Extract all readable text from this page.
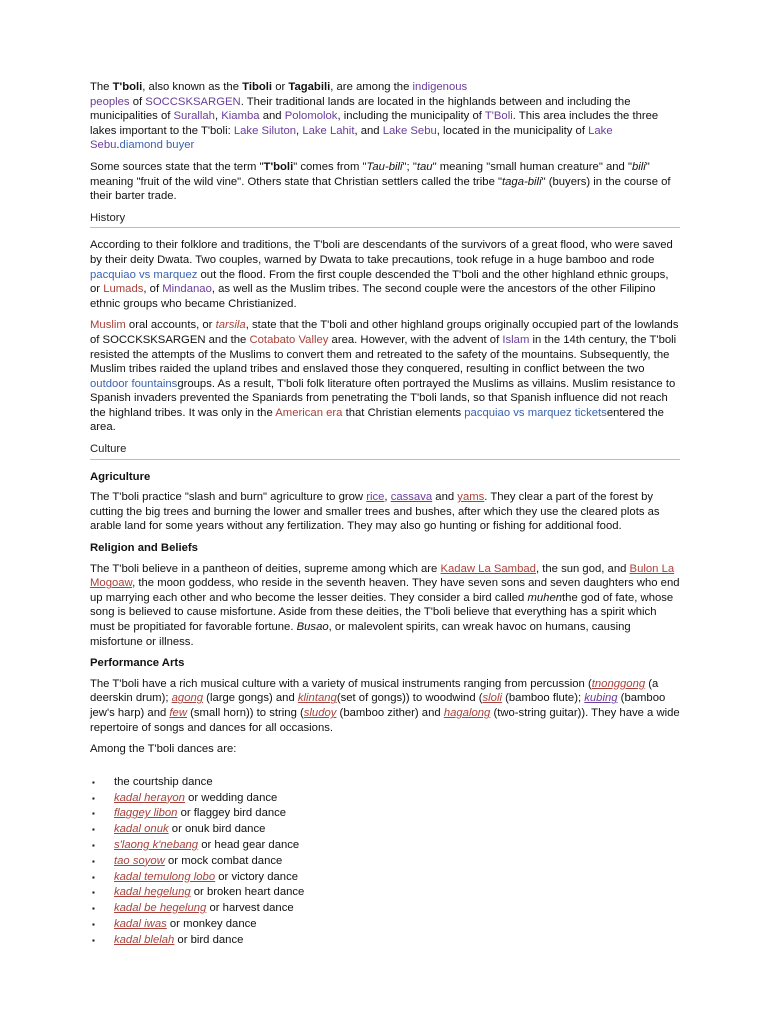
The T'boli, also known as the Tiboli or Tagabili, are among the indigenous
peoples of SOCCSKSARGEN. Their traditional lands are located in the highlands between and including the municipalities of Surallah, Kiamba and Polomolok, including the municipality of T'Boli. This area includes the three lakes important to the T'boli: Lake Siluton, Lake Lahit, and Lake Sebu, located in the municipality of Lake Sebu.diamond buyer

Some sources state that the term "T'boli" comes from "Tau-bili"; "tau" meaning "small human creature" and "bili" meaning "fruit of the wild vine". Others state that Christian settlers called the tribe "taga-bili" (buyers) in the course of their barter trade.

History

According to their folklore and traditions, the T'boli are descendants of the survivors of a great flood, who were saved by their deity Dwata. Two couples, warned by Dwata to take precautions, took refuge in a huge bamboo and rode pacquiao vs marquez out the flood. From the first couple descended the T'boli and the other highland ethnic groups, or Lumads, of Mindanao, as well as the Muslim tribes. The second couple were the ancestors of the other Filipino ethnic groups who became Christianized.

Muslim oral accounts, or tarsila, state that the T'boli and other highland groups originally occupied part of the lowlands of SOCCKSKSARGEN and the Cotabato Valley area. However, with the advent of Islam in the 14th century, the T'boli resisted the attempts of the Muslims to convert them and retreated to the safety of the mountains. Subsequently, the Muslim tribes raided the upland tribes and enslaved those they conquered, resulting in conflict between the two outdoor fountainsgroups. As a result, T'boli folk literature often portrayed the Muslims as villains. Muslim resistance to Spanish invaders prevented the Spaniards from penetrating the T'boli lands, so that Spanish influence did not reach the highland tribes. It was only in the American era that Christian elements pacquiao vs marquez ticketsentered the area.

Culture
Agriculture

The T'boli practice "slash and burn" agriculture to grow rice, cassava and yams. They clear a part of the forest by cutting the big trees and burning the lower and smaller trees and bushes, after which they use the cleared plots as arable land for some years without any fertilization. They may also go hunting or fishing for additional food.

Religion and Beliefs

The T'boli believe in a pantheon of deities, supreme among which are Kadaw La Sambad, the sun god, and Bulon La Mogoaw, the moon goddess, who reside in the seventh heaven. They have seven sons and seven daughters who end up marrying each other and who become the lesser deities. They consider a bird called muhenthe god of fate, whose song is believed to cause misfortune. Aside from these deities, the T'boli believe that everything has a spirit which must be propitiated for favorable fortune. Busao, or malevolent spirits, can wreak havoc on humans, causing misfortune or illness.

Performance Arts

The T'boli have a rich musical culture with a variety of musical instruments ranging from percussion (tnonggong (a deerskin drum); agong (large gongs) and klintang(set of gongs)) to woodwind (sloli (bamboo flute); kubing (bamboo jew's harp) and few (small horn)) to string (sludoy (bamboo zither) and hagalong (two-string guitar)). They have a wide repertoire of songs and dances for all occasions.

Among the T'boli dances are:

▪ the courtship dance
▪ kadal herayon or wedding dance
▪ flaggey libon or flaggey bird dance
▪ kadal onuk or onuk bird dance
▪ s'laong k'nebang or head gear dance
▪ tao soyow or mock combat dance
▪ kadal temulong lobo or victory dance
▪ kadal hegelung or broken heart dance
▪ kadal be hegelung or harvest dance
▪ kadal iwas or monkey dance
▪ kadal blelah or bird dance
